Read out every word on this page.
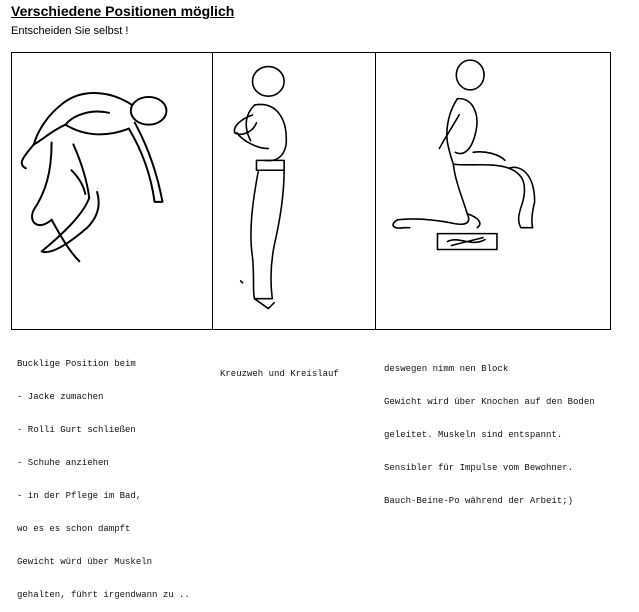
Verschiedene Positionen möglich
Entscheiden Sie selbst !

Bucklige Position beim

- Jacke zumachen

- Rolli Gurt schließen

- Schuhe anziehen

- in der Pflege im Bad,

wo es es schon dampft

Gewicht würd über Muskeln

gehalten, führt irgendwann zu ..

Kreuzweh und Kreislauf

	deswegen nimm nen Block

Gewicht wird über Knochen auf den Boden

geleitet. Muskeln sind entspannt.

Sensibler für Impulse vom Bewohner.

Bauch-Beine-Po während der Arbeit;)
